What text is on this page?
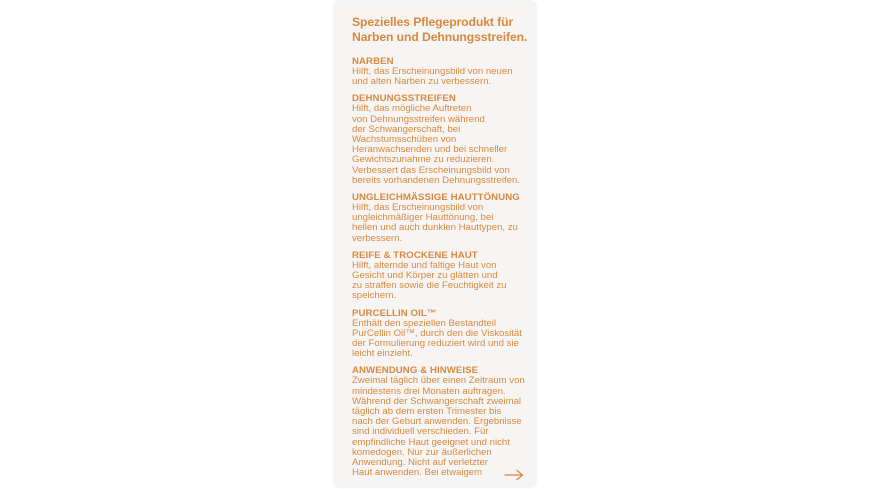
Spezielles Pflegeprodukt für
Narben und Dehnungsstreifen.
NARBEN
Hilft, das Erscheinungsbild von neuen
und alten Narben zu verbessern.
DEHNUNGSSTREIFEN
Hilft, das mögliche Auftreten
von Dehnungsstreifen während
der Schwangerschaft, bei
Wachstumsschüben von
Heranwachsenden und bei schneller
Gewichtszunahme zu reduzieren.
Verbessert das Erscheinungsbild von
bereits vorhandenen Dehnungsstreifen.
UNGLEICHMÄSSIGE HAUTTÖNUNG
Hilft, das Erscheinungsbild von
ungleichmäßiger Hauttönung, bei
hellen und auch dunklen Hauttypen, zu
verbessern.
REIFE & TROCKENE HAUT
Hilft, alternde und faltige Haut von
Gesicht und Körper zu glätten und
zu straffen sowie die Feuchtigkeit zu
speichern.
PURCELLIN OIL™
Enthält den speziellen Bestandteil
PurCellin Oil™, durch den die Viskosität
der Formulierung reduziert wird und sie
leicht einzieht.
ANWENDUNG & HINWEISE
Zweimal täglich über einen Zeitraum von
mindestens drei Monaten auftragen.
Während der Schwangerschaft zweimal
täglich ab dem ersten Trimester bis
nach der Geburt anwenden. Ergebnisse
sind individuell verschieden. Für
empfindliche Haut geeignet und nicht
komedogen. Nur zur äußerlichen
Anwendung. Nicht auf verletzter
Haut anwenden. Bei etwaigem
